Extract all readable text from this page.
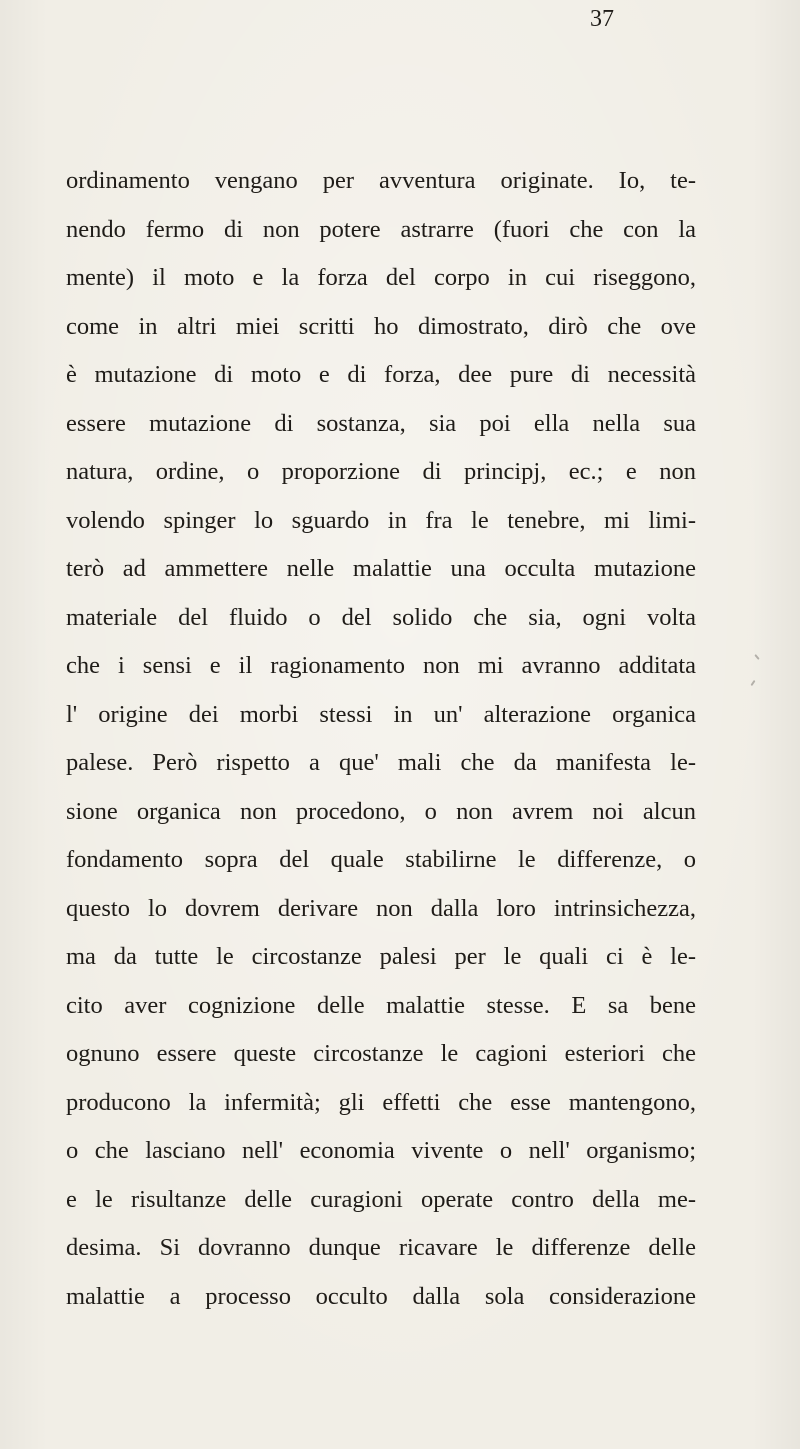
37
ordinamento vengano per avventura originate. Io, te-
nendo fermo di non potere astrarre (fuori che con la
mente) il moto e la forza del corpo in cui riseggono,
come in altri miei scritti ho dimostrato, dirò che ove
è mutazione di moto e di forza, dee pure di necessità
essere mutazione di sostanza, sia poi ella nella sua
natura, ordine, o proporzione di principj, ec.; e non
volendo spinger lo sguardo in fra le tenebre, mi limi-
terò ad ammettere nelle malattie una occulta mutazione
materiale del fluido o del solido che sia, ogni volta
che i sensi e il ragionamento non mi avranno additata
l' origine dei morbi stessi in un' alterazione organica
palese. Però rispetto a que' mali che da manifesta le-
sione organica non procedono, o non avrem noi alcun
fondamento sopra del quale stabilirne le differenze, o
questo lo dovrem derivare non dalla loro intrinsichezza,
ma da tutte le circostanze palesi per le quali ci è le-
cito aver cognizione delle malattie stesse. E sa bene
ognuno essere queste circostanze le cagioni esteriori che
producono la infermità; gli effetti che esse mantengono,
o che lasciano nell' economia vivente o nell' organismo;
e le risultanze delle curagioni operate contro della me-
desima. Si dovranno dunque ricavare le differenze delle
malattie a processo occulto dalla sola considerazione
